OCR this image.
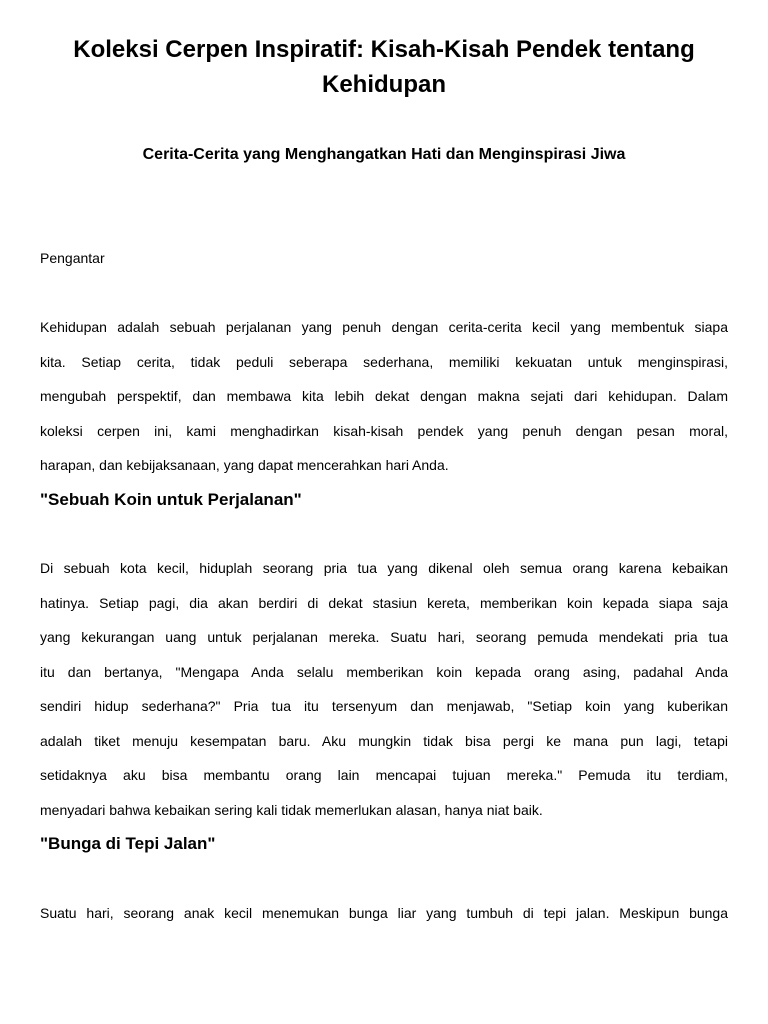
Koleksi Cerpen Inspiratif: Kisah-Kisah Pendek tentang
Kehidupan
Cerita-Cerita yang Menghangatkan Hati dan Menginspirasi Jiwa

Pengantar

Kehidupan adalah sebuah perjalanan yang penuh dengan cerita-cerita kecil yang membentuk siapa
kita. Setiap cerita, tidak peduli seberapa sederhana, memiliki kekuatan untuk menginspirasi,
mengubah perspektif, dan membawa kita lebih dekat dengan makna sejati dari kehidupan. Dalam
koleksi cerpen ini, kami menghadirkan kisah-kisah pendek yang penuh dengan pesan moral,
harapan, dan kebijaksanaan, yang dapat mencerahkan hari Anda.
"Sebuah Koin untuk Perjalanan"
Di sebuah kota kecil, hiduplah seorang pria tua yang dikenal oleh semua orang karena kebaikan
hatinya. Setiap pagi, dia akan berdiri di dekat stasiun kereta, memberikan koin kepada siapa saja
yang kekurangan uang untuk perjalanan mereka. Suatu hari, seorang pemuda mendekati pria tua
itu dan bertanya, "Mengapa Anda selalu memberikan koin kepada orang asing, padahal Anda
sendiri hidup sederhana?" Pria tua itu tersenyum dan menjawab, "Setiap koin yang kuberikan
adalah tiket menuju kesempatan baru. Aku mungkin tidak bisa pergi ke mana pun lagi, tetapi
setidaknya aku bisa membantu orang lain mencapai tujuan mereka." Pemuda itu terdiam,
menyadari bahwa kebaikan sering kali tidak memerlukan alasan, hanya niat baik.
"Bunga di Tepi Jalan"
Suatu hari, seorang anak kecil menemukan bunga liar yang tumbuh di tepi jalan. Meskipun bunga
